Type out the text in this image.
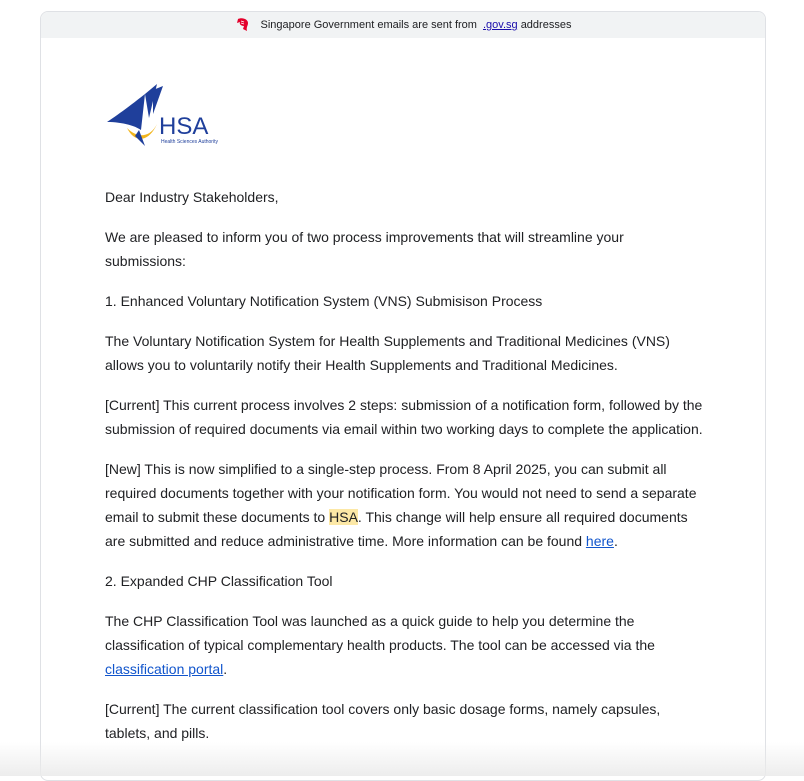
Singapore Government emails are sent from .gov.sg addresses
HSA
Health Sciences Authority

Dear Industry Stakeholders,

We are pleased to inform you of two process improvements that will streamline your submissions:

1. Enhanced Voluntary Notification System (VNS) Submisison Process

The Voluntary Notification System for Health Supplements and Traditional Medicines (VNS) allows you to voluntarily notify their Health Supplements and Traditional Medicines.

[Current] This current process involves 2 steps: submission of a notification form, followed by the submission of required documents via email within two working days to complete the application.

[New] This is now simplified to a single-step process. From 8 April 2025, you can submit all required documents together with your notification form. You would not need to send a separate email to submit these documents to HSA. This change will help ensure all required documents are submitted and reduce administrative time. More information can be found here.

2. Expanded CHP Classification Tool

The CHP Classification Tool was launched as a quick guide to help you determine the classification of typical complementary health products. The tool can be accessed via the classification portal.

[Current] The current classification tool covers only basic dosage forms, namely capsules, tablets, and pills.
